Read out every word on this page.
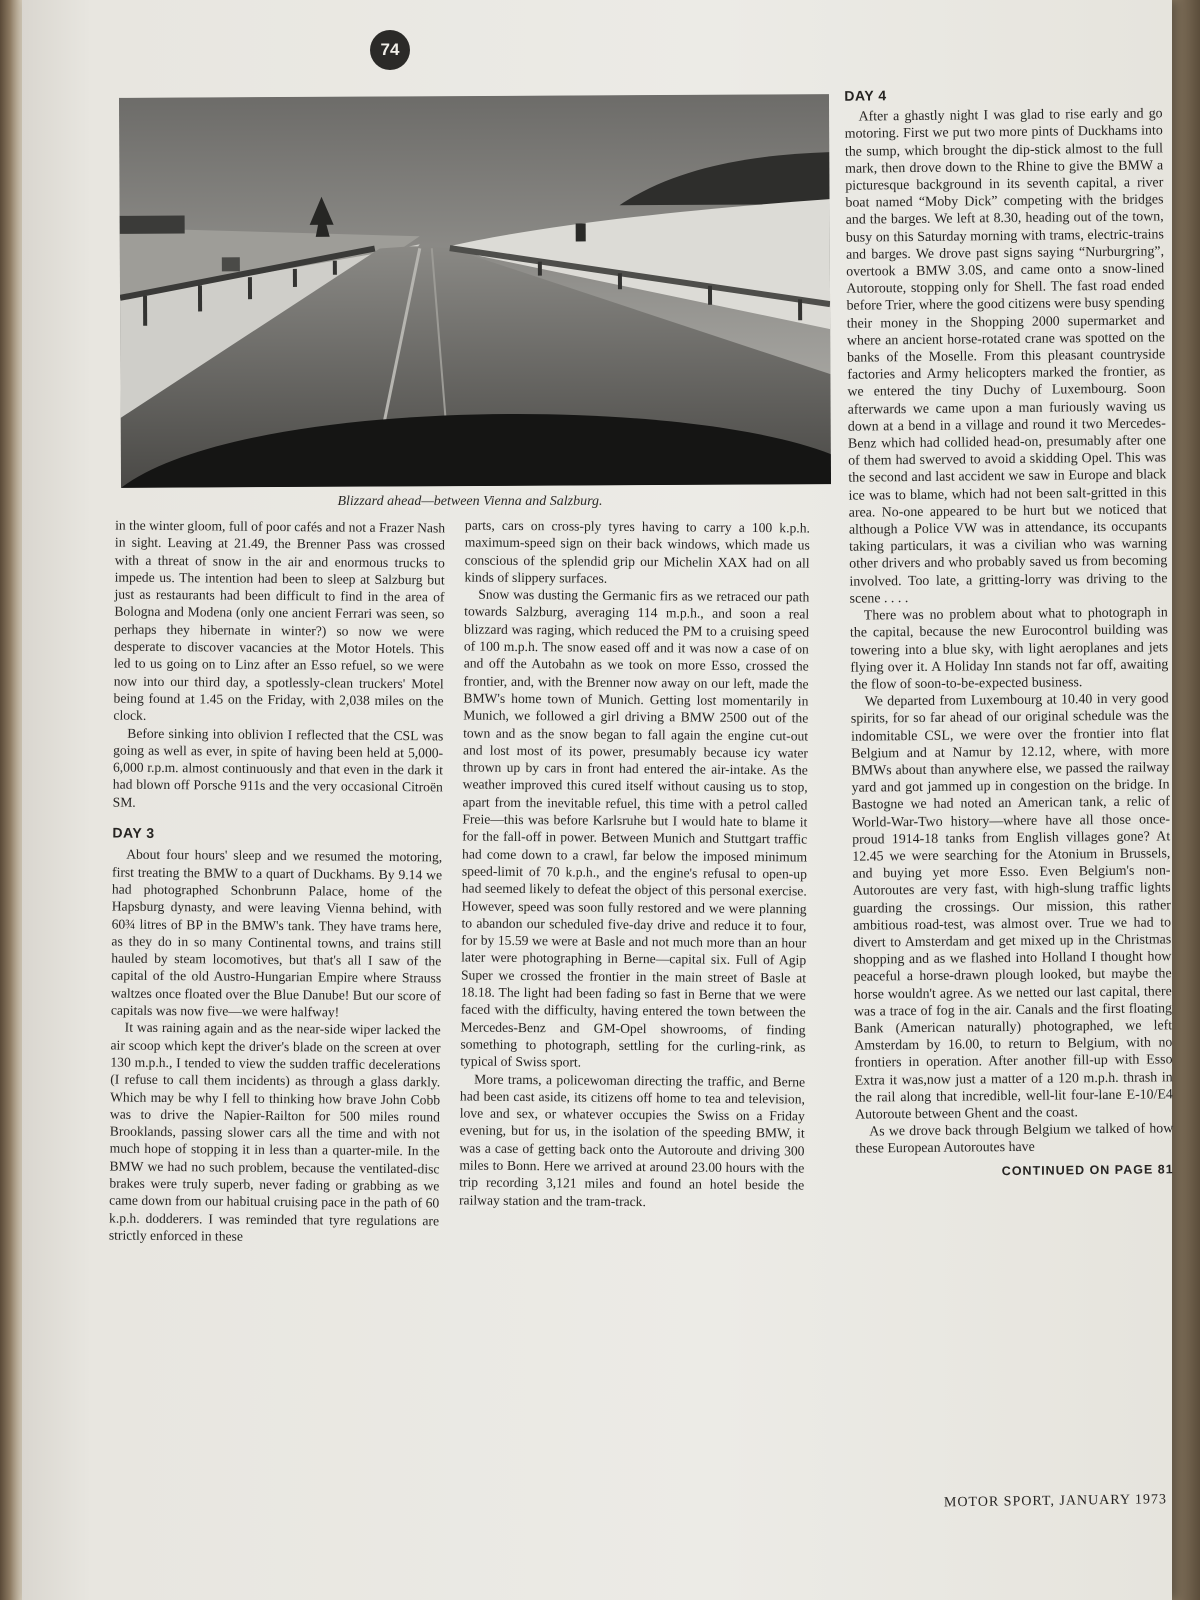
74
Blizzard ahead—between Vienna and Salzburg.

in the winter gloom, full of poor cafés and not a Frazer Nash in sight. Leaving at 21.49, the Brenner Pass was crossed with a threat of snow in the air and enormous trucks to impede us. The intention had been to sleep at Salzburg but just as restaurants had been difficult to find in the area of Bologna and Modena (only one ancient Ferrari was seen, so perhaps they hibernate in winter?) so now we were desperate to discover vacancies at the Motor Hotels. This led to us going on to Linz after an Esso refuel, so we were now into our third day, a spotlessly-clean truckers' Motel being found at 1.45 on the Friday, with 2,038 miles on the clock.

Before sinking into oblivion I reflected that the CSL was going as well as ever, in spite of having been held at 5,000-6,000 r.p.m. almost continuously and that even in the dark it had blown off Porsche 911s and the very occasional Citroën SM.

DAY 3

About four hours' sleep and we resumed the motoring, first treating the BMW to a quart of Duckhams. By 9.14 we had photographed Schonbrunn Palace, home of the Hapsburg dynasty, and were leaving Vienna behind, with 60¾ litres of BP in the BMW's tank. They have trams here, as they do in so many Continental towns, and trains still hauled by steam locomotives, but that's all I saw of the capital of the old Austro-Hungarian Empire where Strauss waltzes once floated over the Blue Danube! But our score of capitals was now five—we were halfway!

It was raining again and as the near-side wiper lacked the air scoop which kept the driver's blade on the screen at over 130 m.p.h., I tended to view the sudden traffic decelerations (I refuse to call them incidents) as through a glass darkly. Which may be why I fell to thinking how brave John Cobb was to drive the Napier-Railton for 500 miles round Brooklands, passing slower cars all the time and with not much hope of stopping it in less than a quarter-mile. In the BMW we had no such problem, because the ventilated-disc brakes were truly superb, never fading or grabbing as we came down from our habitual cruising pace in the path of 60 k.p.h. dodderers. I was reminded that tyre regulations are strictly enforced in these

parts, cars on cross-ply tyres having to carry a 100 k.p.h. maximum-speed sign on their back windows, which made us conscious of the splendid grip our Michelin XAX had on all kinds of slippery surfaces.

Snow was dusting the Germanic firs as we retraced our path towards Salzburg, averaging 114 m.p.h., and soon a real blizzard was raging, which reduced the PM to a cruising speed of 100 m.p.h. The snow eased off and it was now a case of on and off the Autobahn as we took on more Esso, crossed the frontier, and, with the Brenner now away on our left, made the BMW's home town of Munich. Getting lost momentarily in Munich, we followed a girl driving a BMW 2500 out of the town and as the snow began to fall again the engine cut-out and lost most of its power, presumably because icy water thrown up by cars in front had entered the air-intake. As the weather improved this cured itself without causing us to stop, apart from the inevitable refuel, this time with a petrol called Freie—this was before Karlsruhe but I would hate to blame it for the fall-off in power. Between Munich and Stuttgart traffic had come down to a crawl, far below the imposed minimum speed-limit of 70 k.p.h., and the engine's refusal to open-up had seemed likely to defeat the object of this personal exercise. However, speed was soon fully restored and we were planning to abandon our scheduled five-day drive and reduce it to four, for by 15.59 we were at Basle and not much more than an hour later were photographing in Berne—capital six. Full of Agip Super we crossed the frontier in the main street of Basle at 18.18. The light had been fading so fast in Berne that we were faced with the difficulty, having entered the town between the Mercedes-Benz and GM-Opel showrooms, of finding something to photograph, settling for the curling-rink, as typical of Swiss sport.

More trams, a policewoman directing the traffic, and Berne had been cast aside, its citizens off home to tea and television, love and sex, or whatever occupies the Swiss on a Friday evening, but for us, in the isolation of the speeding BMW, it was a case of getting back onto the Autoroute and driving 300 miles to Bonn. Here we arrived at around 23.00 hours with the trip recording 3,121 miles and found an hotel beside the railway station and the tram-track.

DAY 4

After a ghastly night I was glad to rise early and go motoring. First we put two more pints of Duckhams into the sump, which brought the dip-stick almost to the full mark, then drove down to the Rhine to give the BMW a picturesque background in its seventh capital, a river boat named “Moby Dick” competing with the bridges and the barges. We left at 8.30, heading out of the town, busy on this Saturday morning with trams, electric-trains and barges. We drove past signs saying “Nurburgring”, overtook a BMW 3.0S, and came onto a snow-lined Autoroute, stopping only for Shell. The fast road ended before Trier, where the good citizens were busy spending their money in the Shopping 2000 supermarket and where an ancient horse-rotated crane was spotted on the banks of the Moselle. From this pleasant countryside factories and Army helicopters marked the frontier, as we entered the tiny Duchy of Luxembourg. Soon afterwards we came upon a man furiously waving us down at a bend in a village and round it two Mercedes-Benz which had collided head-on, presumably after one of them had swerved to avoid a skidding Opel. This was the second and last accident we saw in Europe and black ice was to blame, which had not been salt-gritted in this area. No-one appeared to be hurt but we noticed that although a Police VW was in attendance, its occupants taking particulars, it was a civilian who was warning other drivers and who probably saved us from becoming involved. Too late, a gritting-lorry was driving to the scene . . . .

There was no problem about what to photograph in the capital, because the new Eurocontrol building was towering into a blue sky, with light aeroplanes and jets flying over it. A Holiday Inn stands not far off, awaiting the flow of soon-to-be-expected business.

We departed from Luxembourg at 10.40 in very good spirits, for so far ahead of our original schedule was the indomitable CSL, we were over the frontier into flat Belgium and at Namur by 12.12, where, with more BMWs about than anywhere else, we passed the railway yard and got jammed up in congestion on the bridge. In Bastogne we had noted an American tank, a relic of World-War-Two history—where have all those once-proud 1914-18 tanks from English villages gone? At 12.45 we were searching for the Atonium in Brussels, and buying yet more Esso. Even Belgium's non-Autoroutes are very fast, with high-slung traffic lights guarding the crossings. Our mission, this rather ambitious road-test, was almost over. True we had to divert to Amsterdam and get mixed up in the Christmas shopping and as we flashed into Holland I thought how peaceful a horse-drawn plough looked, but maybe the horse wouldn't agree. As we netted our last capital, there was a trace of fog in the air. Canals and the first floating Bank (American naturally) photographed, we left Amsterdam by 16.00, to return to Belgium, with no frontiers in operation. After another fill-up with Esso Extra it was,now just a matter of a 120 m.p.h. thrash in the rail along that incredible, well-lit four-lane E-10/E4 Autoroute between Ghent and the coast.

As we drove back through Belgium we talked of how these European Autoroutes have

CONTINUED ON PAGE 81
MOTOR SPORT, JANUARY 1973
